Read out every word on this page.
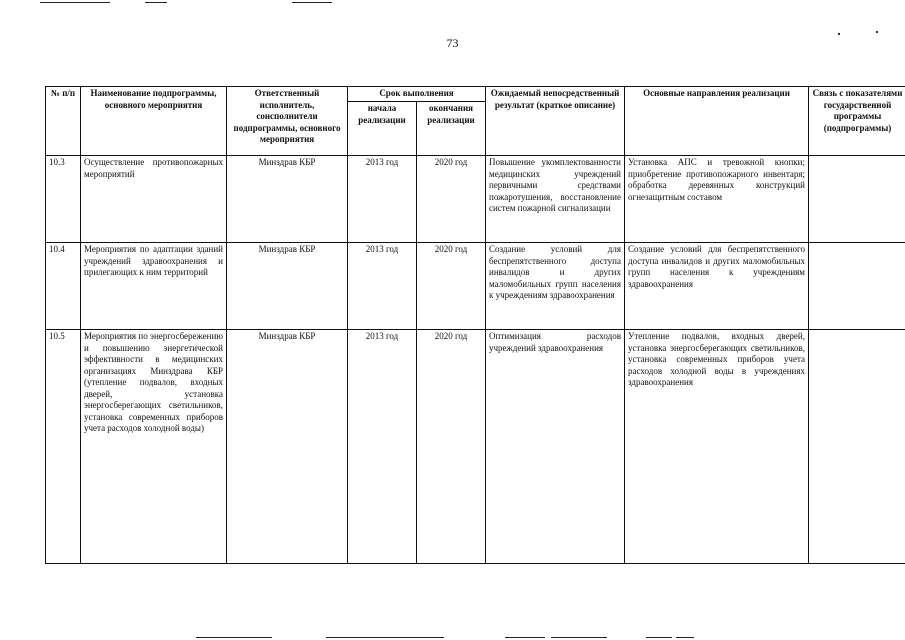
73
№ п/п	Наименование подпрограммы, основного мероприятия	Ответственный исполнитель, соисполнители подпрограммы, основного мероприятия	Срок выполнения		Ожидаемый непосредственный результат (краткое описание)	Основные направления реализации	Связь с показателями государственной программы (подпрограммы)
			начала реализации	окончания реализации			
10.3	Осуществление противопожарных мероприятий	Минздрав КБР	2013 год	2020 год	Повышение укомплектованности медицинских учреждений первичными средствами пожаротушения, восстановление систем пожарной сигнализации	Установка АПС и тревожной кнопки; приобретение противопожарного инвентаря; обработка деревянных конструкций огнезащитным составом	
10.4	Мероприятия по адаптации зданий учреждений здравоохранения и прилегающих к ним территорий	Минздрав КБР	2013 год	2020 год	Создание условий для беспрепятственного доступа инвалидов и других маломобильных групп населения к учреждениям здравоохранения	Создание условий для беспрепятственного доступа инвалидов и других маломобильных групп населения к учреждениям здравоохранения	
10.5	Мероприятия по энергосбережению и повышению энергетической эффективности в медицинских организациях Минздрава КБР (утепление подвалов, входных дверей, установка энергосберегающих светильников, установка современных приборов учета расходов холодной воды)	Минздрав КБР	2013 год	2020 год	Оптимизация расходов учреждений здравоохранения	Утепление подвалов, входных дверей, установка энергосберегающих светильников, установка современных приборов учета расходов холодной воды в учреждениях здравоохранения	
